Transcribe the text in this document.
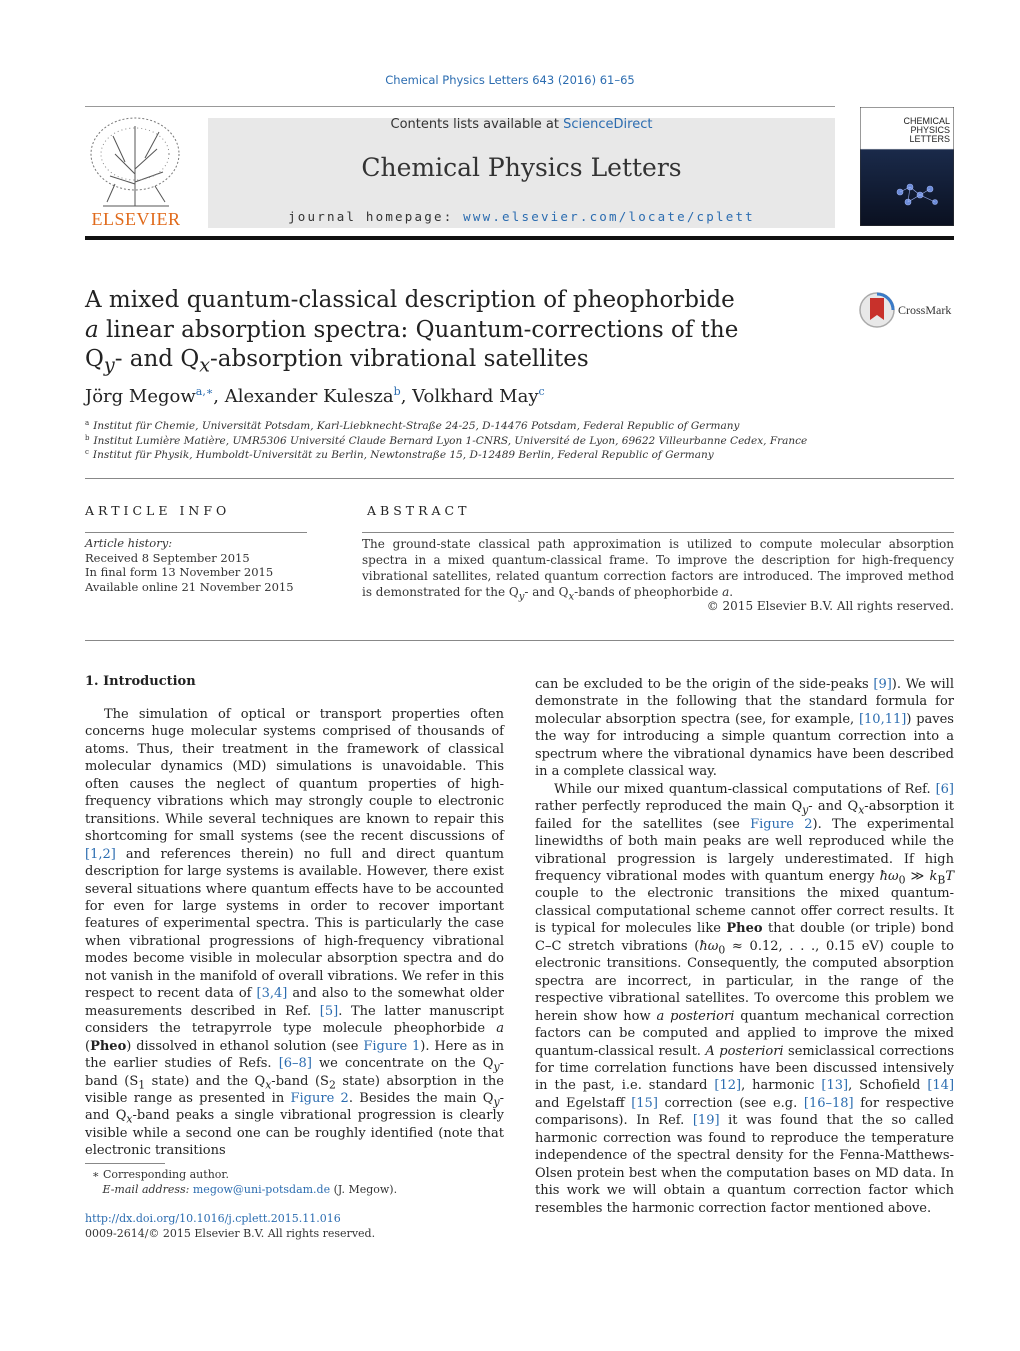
Chemical Physics Letters 643 (2016) 61–65
ELSEVIER
Contents lists available at ScienceDirect
Chemical Physics Letters
journal homepage: www.elsevier.com/locate/cplett
CHEMICAL
PHYSICS
LETTERS
A mixed quantum-classical description of pheophorbide
a linear absorption spectra: Quantum-corrections of the
$Q_y-$ and $Q_x$-absorption vibrational satellites
CrossMark
Jörg Megow$^{a,∗}$, Alexander Kulesza$^b$, Volkhard May$^c$
$^a$ Institut für Chemie, Universität Potsdam, Karl-Liebknecht-Straße 24-25, D-14476 Potsdam, Federal Republic of Germany
$^b$ Institut Lumière Matière, UMR5306 Université Claude Bernard Lyon 1-CNRS, Université de Lyon, 69622 Villeurbanne Cedex, France
$^c$ Institut für Physik, Humboldt-Universität zu Berlin, Newtonstraße 15, D-12489 Berlin, Federal Republic of Germany
ARTICLE INFO	ABSTRACT
Article history:
Received 8 September 2015
In final form 13 November 2015
Available online 21 November 2015
The ground-state classical path approximation is utilized to compute molecular absorption spectra in a mixed quantum-classical frame. To improve the description for high-frequency vibrational satellites, related quantum correction factors are introduced. The improved method is demonstrated for the $Q_y-$ and $Q_x$-bands of pheophorbide a.
© 2015 Elsevier B.V. All rights reserved.
1. Introduction

The simulation of optical or transport properties often concerns huge molecular systems comprised of thousands of atoms. Thus, their treatment in the framework of classical molecular dynamics (MD) simulations is unavoidable. This often causes the neglect of quantum properties of high-frequency vibrations which may strongly couple to electronic transitions. While several techniques are known to repair this shortcoming for small systems (see the recent discussions of [1,2] and references therein) no full and direct quantum description for large systems is available. However, there exist several situations where quantum effects have to be accounted for even for large systems in order to recover important features of experimental spectra. This is particularly the case when vibrational progressions of high-frequency vibrational modes become visible in molecular absorption spectra and do not vanish in the manifold of overall vibrations. We refer in this respect to recent data of [3,4] and also to the somewhat older measurements described in Ref. [5]. The latter manuscript considers the tetrapyrrole type molecule pheophorbide a (Pheo) dissolved in ethanol solution (see Figure 1). Here as in the earlier studies of Refs. [6–8] we concentrate on the $Q_y$-band ($S_1$ state) and the $Q_x$-band ($S_2$ state) absorption in the visible range as presented in Figure 2. Besides the main $Q_y-$ and $Q_x$-band peaks a single vibrational progression is clearly visible while a second one can be roughly identified (note that electronic transitions

can be excluded to be the origin of the side-peaks [9]). We will demonstrate in the following that the standard formula for molecular absorption spectra (see, for example, [10,11]) paves the way for introducing a simple quantum correction into a spectrum where the vibrational dynamics have been described in a complete classical way.

While our mixed quantum-classical computations of Ref. [6] rather perfectly reproduced the main $Q_y-$ and $Q_x$-absorption it failed for the satellites (see Figure 2). The experimental linewidths of both main peaks are well reproduced while the vibrational progression is largely underestimated. If high frequency vibrational modes with quantum energy $ħ\omega_0$ ≫ $k_BT$ couple to the electronic transitions the mixed quantum-classical computational scheme cannot offer correct results. It is typical for molecules like Pheo that double (or triple) bond C–C stretch vibrations ($ħ\omega_0 \approx 0.12$, . . ., 0.15 eV) couple to electronic transitions. Consequently, the computed absorption spectra are incorrect, in particular, in the range of the respective vibrational satellites. To overcome this problem we herein show how a posteriori quantum mechanical correction factors can be computed and applied to improve the mixed quantum-classical result. A posteriori semiclassical corrections for time correlation functions have been discussed intensively in the past, i.e. standard [12], harmonic [13], Schofield [14] and Egelstaff [15] correction (see e.g. [16–18] for respective comparisons). In Ref. [19] it was found that the so called harmonic correction was found to reproduce the temperature independence of the spectral density for the Fenna-Matthews-Olsen protein best when the computation bases on MD data. In this work we will obtain a quantum correction factor which resembles the harmonic correction factor mentioned above.

∗ Corresponding author.
E-mail address: megow@uni-potsdam.de (J. Megow).
http://dx.doi.org/10.1016/j.cplett.2015.11.016
0009-2614/© 2015 Elsevier B.V. All rights reserved.
